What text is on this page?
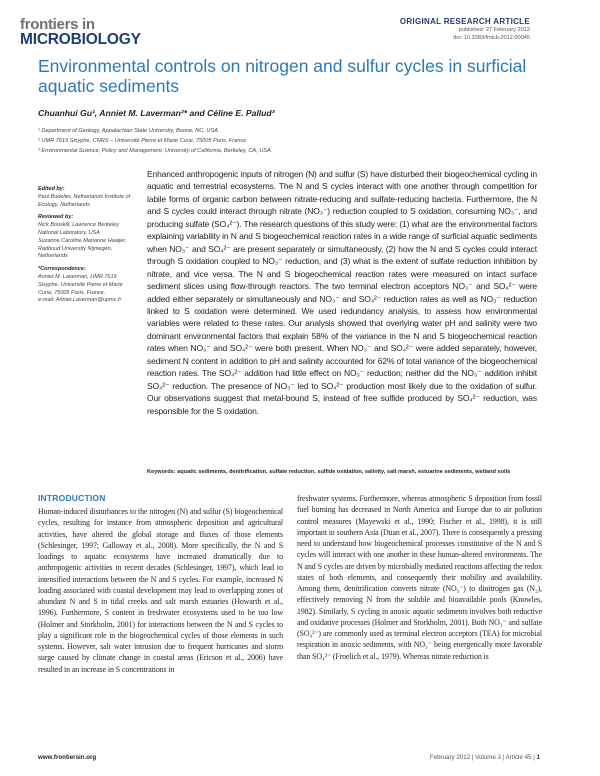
frontiers in
MICROBIOLOGY
ORIGINAL RESEARCH ARTICLE
published: 27 February 2012
doi: 10.3389/fmicb.2012.00045
Environmental controls on nitrogen and sulfur cycles in surficial aquatic sediments
Chuanhui Gu¹, Anniet M. Laverman²* and Céline E. Pallud³
¹ Department of Geology, Appalachian State University, Boone, NC, USA
² UMR 7619 Sisyphe, CNRS – Université Pierre et Marie Curie, 75005 Paris, France
³ Environmental Science, Policy and Management, University of California, Berkeley, CA, USA
Edited by:
Paul Bodelier, Netherlands Institute of Ecology, Netherlands
Reviewed by:
Nick Bouskill, Lawrence Berkeley National Laboratory, USA
Suzanne Caroline Marianne Haaijer, Radboud University Nijmegen, Netherlands
*Correspondence:
Anniet M. Laverman, UMR 7619 Sisyphe, Université Pierre et Marie Curie, 75005 Paris, France.
e-mail: Anniet.Laverman@upmc.fr
Enhanced anthropogenic inputs of nitrogen (N) and sulfur (S) have disturbed their biogeochemical cycling in aquatic and terrestrial ecosystems. The N and S cycles interact with one another through competition for labile forms of organic carbon between nitrate-reducing and sulfate-reducing bacteria. Furthermore, the N and S cycles could interact through nitrate (NO₃⁻) reduction coupled to S oxidation, consuming NO₃⁻, and producing sulfate (SO₄²⁻). The research questions of this study were: (1) what are the environmental factors explaining variability in N and S biogeochemical reaction rates in a wide range of surficial aquatic sediments when NO₃⁻ and SO₄²⁻ are present separately or simultaneously, (2) how the N and S cycles could interact through S oxidation coupled to NO₃⁻ reduction, and (3) what is the extent of sulfate reduction inhibition by nitrate, and vice versa. The N and S biogeochemical reaction rates were measured on intact surface sediment slices using flow-through reactors. The two terminal electron acceptors NO₃⁻ and SO₄²⁻ were added either separately or simultaneously and NO₃⁻ and SO₄²⁻ reduction rates as well as NO₃⁻ reduction linked to S oxidation were determined. We used redundancy analysis, to assess how environmental variables were related to these rates. Our analysis showed that overlying water pH and salinity were two dominant environmental factors that explain 58% of the variance in the N and S biogeochemical reaction rates when NO₃⁻ and SO₄²⁻ were both present. When NO₃⁻ and SO₄²⁻ were added separately, however, sediment N content in addition to pH and salinity accounted for 62% of total variance of the biogeochemical reaction rates. The SO₄²⁻ addition had little effect on NO₃⁻ reduction; neither did the NO₃⁻ addition inhibit SO₄²⁻ reduction. The presence of NO₃⁻ led to SO₄²⁻ production most likely due to the oxidation of sulfur. Our observations suggest that metal-bound S, instead of free sulfide produced by SO₄²⁻ reduction, was responsible for the S oxidation.
Keywords: aquatic sediments, denitrification, sulfate reduction, sulfide oxidation, salinity, salt marsh, estuarine sediments, wetland soils
INTRODUCTION
Human-induced disturbances to the nitrogen (N) and sulfur (S) biogeochemical cycles, resulting for instance from atmospheric deposition and agricultural activities, have altered the global storage and fluxes of those elements (Schlesinger, 1997; Galloway et al., 2008). More specifically, the N and S loadings to aquatic ecosystems have increased dramatically due to anthropogenic activities in recent decades (Schlesinger, 1997), which lead to intensified interactions between the N and S cycles. For example, increased N loading associated with coastal development may lead to overlapping zones of abundant N and S in tidal creeks and salt marsh estuaries (Howarth et al., 1996). Furthermore, S content in freshwater ecosystems used to be too low (Holmer and Storkholm, 2001) for interactions between the N and S cycles to play a significant role in the biogeochemical cycles of those elements in such systems. However, salt water intrusion due to frequent hurricanes and storm surge caused by climate change in coastal areas (Ericson et al., 2006) have resulted in an increase in S concentrations in
freshwater systems. Furthermore, whereas atmospheric S deposition from fossil fuel burning has decreased in North America and Europe due to air pollution control measures (Mayewski et al., 1990; Fischer et al., 1998), it is still important in southern Asia (Duan et al., 2007). There is consequently a pressing need to understand how biogeochemical processes constitutive of the N and S cycles will interact with one another in these human-altered environments. The N and S cycles are driven by microbially mediated reactions affecting the redox states of both elements, and consequently their mobility and availability. Among them, denitrification converts nitrate (NO₃⁻) to dinitrogen gas (N₂), effectively removing N from the soluble and bioavailable pools (Knowles, 1982). Similarly, S cycling in anoxic aquatic sediments involves both reductive and oxidative processes (Holmer and Storkholm, 2001). Both NO₃⁻ and sulfate (SO₄²⁻) are commonly used as terminal electron acceptors (TEA) for microbial respiration in anoxic sediments, with NO₃⁻ being energetically more favorable than SO₄²⁻ (Froelich et al., 1979). Whereas nitrate reduction is
www.frontiersin.org	February 2012 | Volume 3 | Article 45 | 1
